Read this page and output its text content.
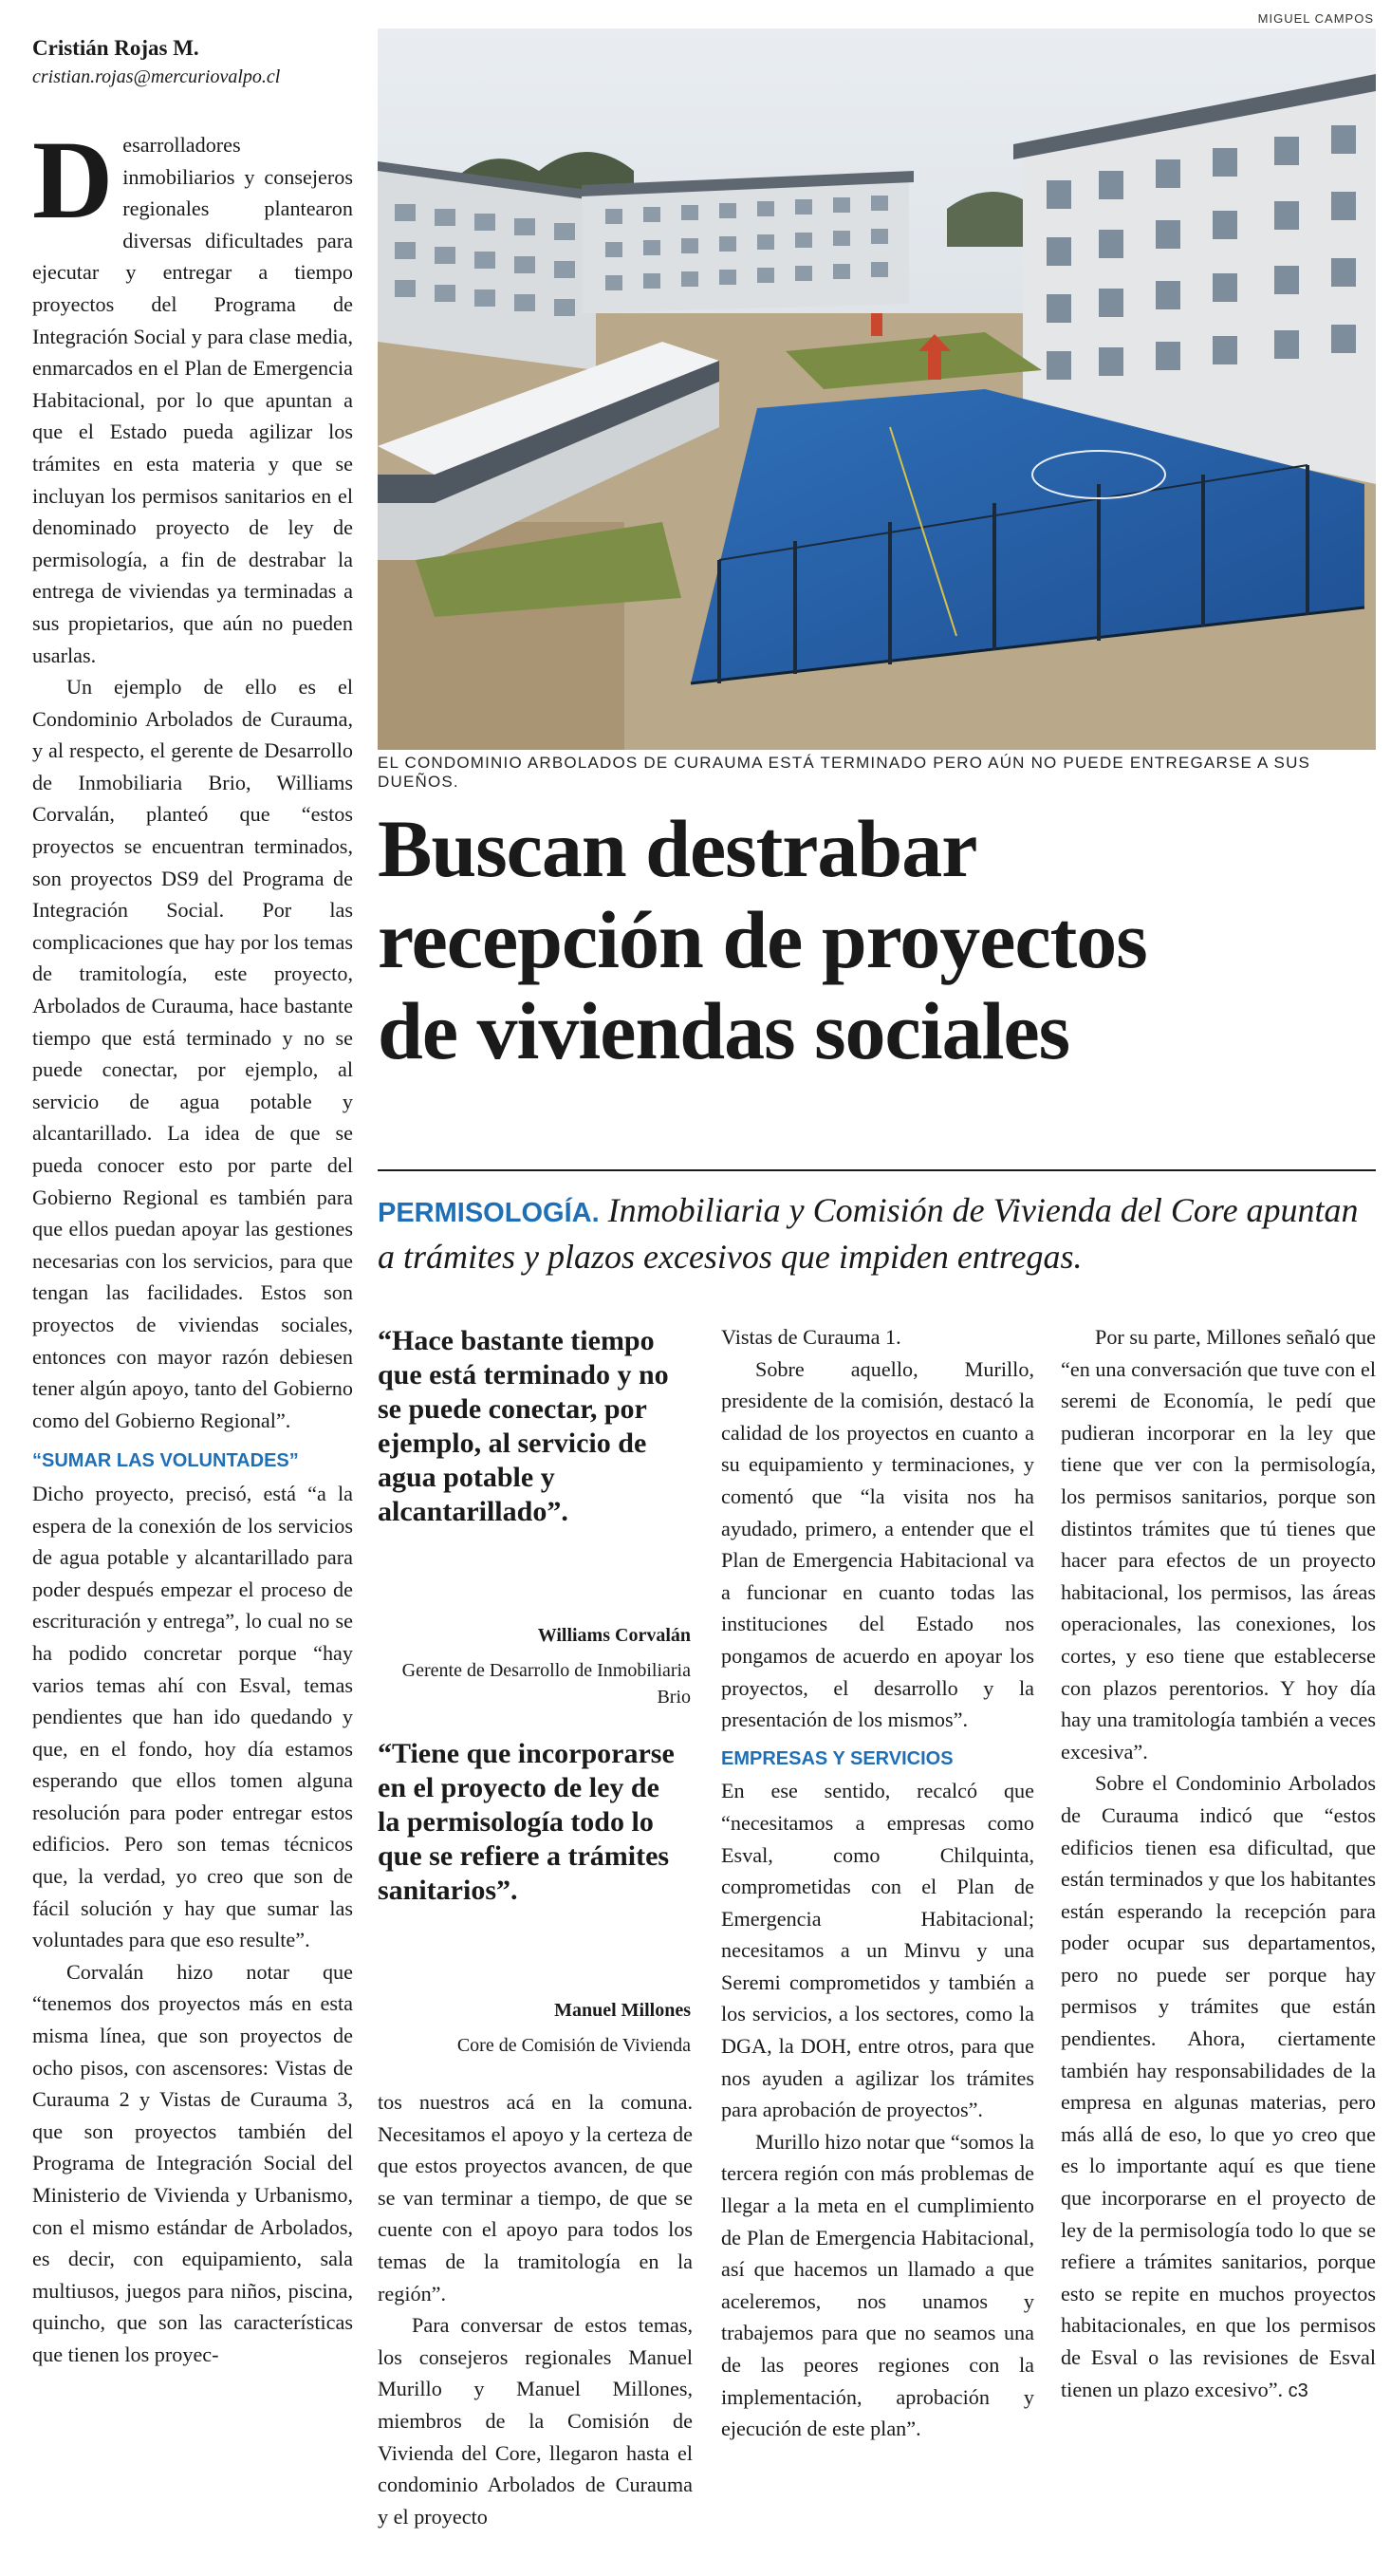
Cristián Rojas M.
cristian.rojas@mercuriovalpo.cl
MIGUEL CAMPOS
EL CONDOMINIO ARBOLADOS DE CURAUMA ESTÁ TERMINADO PERO AÚN NO PUEDE ENTREGARSE A SUS DUEÑOS.
Buscan destrabar
recepción de proyectos
de viviendas sociales
PERMISOLOGÍA. Inmobiliaria y Comisión de Vivienda del Core apuntan a trámites y plazos excesivos que impiden entregas.

Desarrolladores inmobiliarios y consejeros regionales plantearon diversas dificultades para ejecutar y entregar a tiempo proyectos del Programa de Integración Social y para clase media, enmarcados en el Plan de Emergencia Habitacional, por lo que apuntan a que el Estado pueda agilizar los trámites en esta materia y que se incluyan los permisos sanitarios en el denominado proyecto de ley de permisología, a fin de destrabar la entrega de viviendas ya terminadas a sus propietarios, que aún no pueden usarlas.

Un ejemplo de ello es el Condominio Arbolados de Curauma, y al respecto, el gerente de Desarrollo de Inmobiliaria Brio, Williams Corvalán, planteó que “estos proyectos se encuentran terminados, son proyectos DS9 del Programa de Integración Social. Por las complicaciones que hay por los temas de tramitología, este proyecto, Arbolados de Curauma, hace bastante tiempo que está terminado y no se puede conectar, por ejemplo, al servicio de agua potable y alcantarillado. La idea de que se pueda conocer esto por parte del Gobierno Regional es también para que ellos puedan apoyar las gestiones necesarias con los servicios, para que tengan las facilidades. Estos son proyectos de viviendas sociales, entonces con mayor razón debiesen tener algún apoyo, tanto del Gobierno como del Gobierno Regional”.

“SUMAR LAS VOLUNTADES”

Dicho proyecto, precisó, está “a la espera de la conexión de los servicios de agua potable y alcantarillado para poder después empezar el proceso de escrituración y entrega”, lo cual no se ha podido concretar porque “hay varios temas ahí con Esval, temas pendientes que han ido quedando y que, en el fondo, hoy día estamos esperando que ellos tomen alguna resolución para poder entregar estos edificios. Pero son temas técnicos que, la verdad, yo creo que son de fácil solución y hay que sumar las voluntades para que eso resulte”.

Corvalán hizo notar que “tenemos dos proyectos más en esta misma línea, que son proyectos de ocho pisos, con ascensores: Vistas de Curauma 2 y Vistas de Curauma 3, que son proyectos también del Programa de Integración Social del Ministerio de Vivienda y Urbanismo, con el mismo estándar de Arbolados, es decir, con equipamiento, sala multiusos, juegos para niños, piscina, quincho, que son las características que tienen los proyec-

“Hace bastante tiempo que está terminado y no se puede conectar, por ejemplo, al servicio de agua potable y alcantarillado”.
Williams Corvalán
Gerente de Desarrollo de Inmobiliaria Brio
“Tiene que incorporarse en el proyecto de ley de la permisología todo lo que se refiere a trámites sanitarios”.
Manuel Millones
Core de Comisión de Vivienda

tos nuestros acá en la comuna. Necesitamos el apoyo y la certeza de que estos proyectos avancen, de que se van terminar a tiempo, de que se cuente con el apoyo para todos los temas de la tramitología en la región”.

Para conversar de estos temas, los consejeros regionales Manuel Murillo y Manuel Millones, miembros de la Comisión de Vivienda del Core, llegaron hasta el condominio Arbolados de Curauma y el proyecto

Vistas de Curauma 1.

Sobre aquello, Murillo, presidente de la comisión, destacó la calidad de los proyectos en cuanto a su equipamiento y terminaciones, y comentó que “la visita nos ha ayudado, primero, a entender que el Plan de Emergencia Habitacional va a funcionar en cuanto todas las instituciones del Estado nos pongamos de acuerdo en apoyar los proyectos, el desarrollo y la presentación de los mismos”.

EMPRESAS Y SERVICIOS

En ese sentido, recalcó que “necesitamos a empresas como Esval, como Chilquinta, comprometidas con el Plan de Emergencia Habitacional; necesitamos a un Minvu y una Seremi comprometidos y también a los servicios, a los sectores, como la DGA, la DOH, entre otros, para que nos ayuden a agilizar los trámites para aprobación de proyectos”.

Murillo hizo notar que “somos la tercera región con más problemas de llegar a la meta en el cumplimiento de Plan de Emergencia Habitacional, así que hacemos un llamado a que aceleremos, nos unamos y trabajemos para que no seamos una de las peores regiones con la implementación, aprobación y ejecución de este plan”.

Por su parte, Millones señaló que “en una conversación que tuve con el seremi de Economía, le pedí que pudieran incorporar en la ley que tiene que ver con la permisología, los permisos sanitarios, porque son distintos trámites que tú tienes que hacer para efectos de un proyecto habitacional, los permisos, las áreas operacionales, las conexiones, los cortes, y eso tiene que establecerse con plazos perentorios. Y hoy día hay una tramitología también a veces excesiva”.

Sobre el Condominio Arbolados de Curauma indicó que “estos edificios tienen esa dificultad, que están terminados y que los habitantes están esperando la recepción para poder ocupar sus departamentos, pero no puede ser porque hay permisos y trámites que están pendientes. Ahora, ciertamente también hay responsabilidades de la empresa en algunas materias, pero más allá de eso, lo que yo creo que es lo importante aquí es que tiene que incorporarse en el proyecto de ley de la permisología todo lo que se refiere a trámites sanitarios, porque esto se repite en muchos proyectos habitacionales, en que los permisos de Esval o las revisiones de Esval tienen un plazo excesivo”. c3
